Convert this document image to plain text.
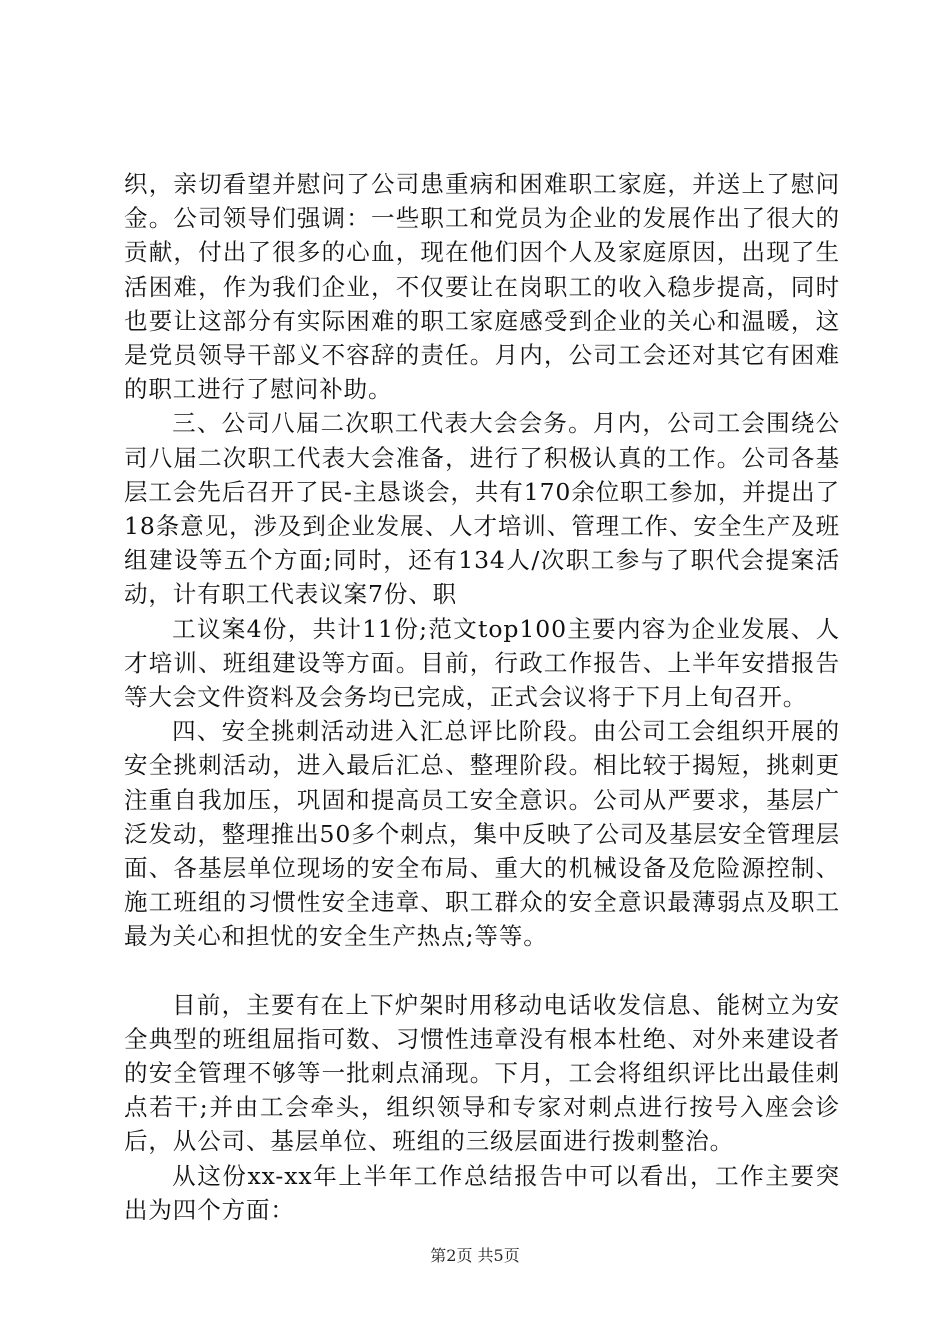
织，亲切看望并慰问了公司患重病和困难职工家庭，并送上了慰问金。公司领导们强调：一些职工和党员为企业的发展作出了很大的贡献，付出了很多的心血，现在他们因个人及家庭原因，出现了生活困难，作为我们企业，不仅要让在岗职工的收入稳步提高，同时也要让这部分有实际困难的职工家庭感受到企业的关心和温暖，这是党员领导干部义不容辞的责任。月内，公司工会还对其它有困难的职工进行了慰问补助。

三、公司八届二次职工代表大会会务。月内，公司工会围绕公司八届二次职工代表大会准备，进行了积极认真的工作。公司各基层工会先后召开了民-主恳谈会，共有170余位职工参加，并提出了18条意见，涉及到企业发展、人才培训、管理工作、安全生产及班组建设等五个方面;同时，还有134人/次职工参与了职代会提案活动，计有职工代表议案7份、职

工议案4份，共计11份;范文top100主要内容为企业发展、人才培训、班组建设等方面。目前，行政工作报告、上半年安措报告等大会文件资料及会务均已完成，正式会议将于下月上旬召开。

四、安全挑刺活动进入汇总评比阶段。由公司工会组织开展的安全挑刺活动，进入最后汇总、整理阶段。相比较于揭短，挑刺更注重自我加压，巩固和提高员工安全意识。公司从严要求，基层广泛发动，整理推出50多个刺点，集中反映了公司及基层安全管理层面、各基层单位现场的安全布局、重大的机械设备及危险源控制、施工班组的习惯性安全违章、职工群众的安全意识最薄弱点及职工最为关心和担忧的安全生产热点;等等。

目前，主要有在上下炉架时用移动电话收发信息、能树立为安全典型的班组屈指可数、习惯性违章没有根本杜绝、对外来建设者的安全管理不够等一批刺点涌现。下月，工会将组织评比出最佳刺点若干;并由工会牵头，组织领导和专家对刺点进行按号入座会诊后，从公司、基层单位、班组的三级层面进行拨刺整治。

从这份xx-xx年上半年工作总结报告中可以看出，工作主要突出为四个方面：

第2页 共5页
